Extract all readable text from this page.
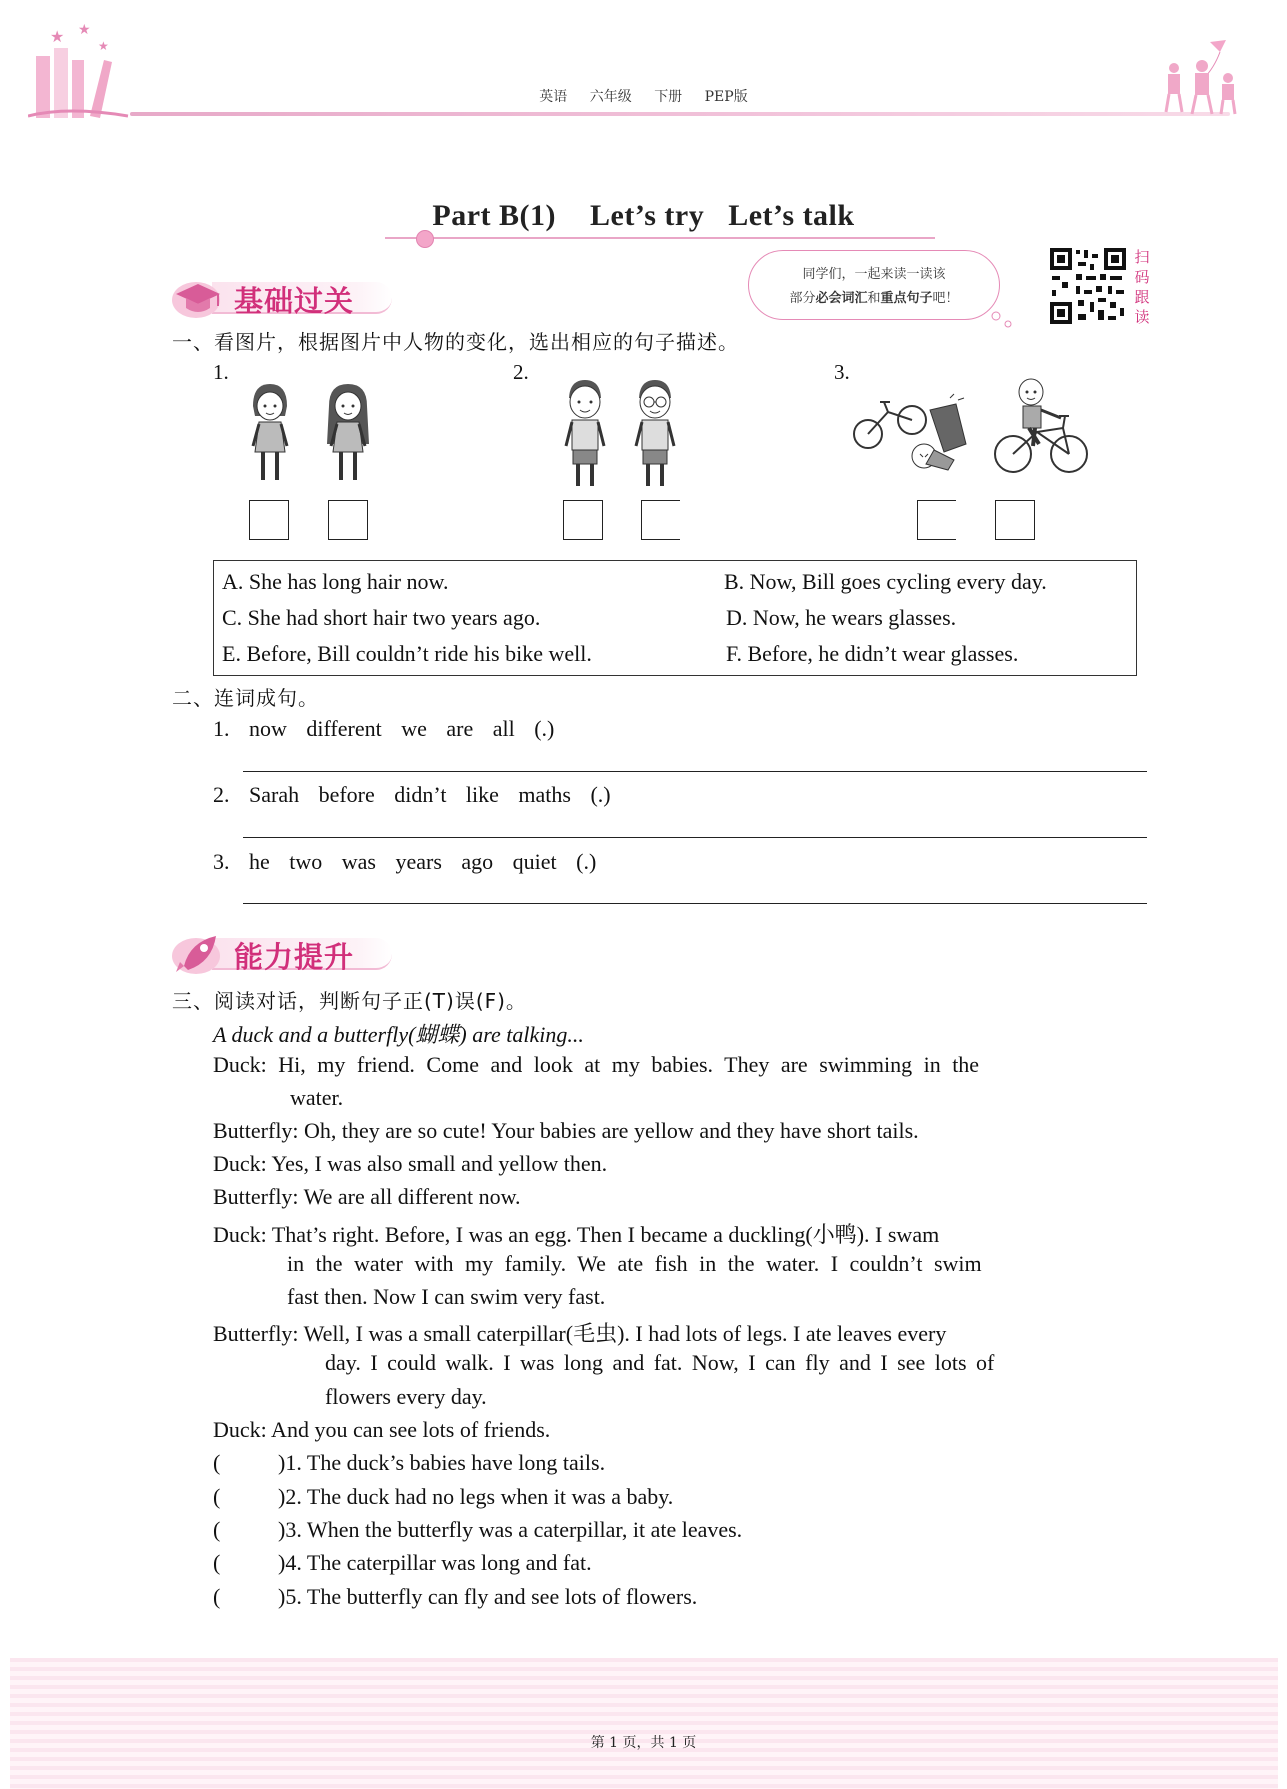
★ ★
★
英语 六年级 下册 PEP版
Part B(1) Let’s try Let’s talk
基础过关
同学们，一起来读一读该
部分必会词汇和重点句子吧！
扫
码
跟
读
一、看图片，根据图片中人物的变化，选出相应的句子描述。
1.	2.	3.
A. She has long hair now.	B. Now, Bill goes cycling every day.
C. She had short hair two years ago.	D. Now, he wears glasses.
E. Before, Bill couldn’t ride his bike well.	F. Before, he didn’t wear glasses.
二、连词成句。
1. now different we are all (.)
2. Sarah before didn’t like maths (.)
3. he two was years ago quiet (.)
能力提升
三、阅读对话，判断句子正(T)误(F)。
A duck and a butterfly(蝴蝶) are talking...
Duck: Hi, my friend. Come and look at my babies. They are swimming in the
water.
Butterfly: Oh, they are so cute! Your babies are yellow and they have short tails.
Duck: Yes, I was also small and yellow then.
Butterfly: We are all different now.
Duck: That’s right. Before, I was an egg. Then I became a duckling(小鸭). I swam
in the water with my family. We ate fish in the water. I couldn’t swim
fast then. Now I can swim very fast.
Butterfly: Well, I was a small caterpillar(毛虫). I had lots of legs. I ate leaves every
day. I could walk. I was long and fat. Now, I can fly and I see lots of
flowers every day.
Duck: And you can see lots of friends.
(	)1. The duck’s babies have long tails.
(	)2. The duck had no legs when it was a baby.
(	)3. When the butterfly was a caterpillar, it ate leaves.
(	)4. The caterpillar was long and fat.
(	)5. The butterfly can fly and see lots of flowers.
第 1 页，共 1 页
